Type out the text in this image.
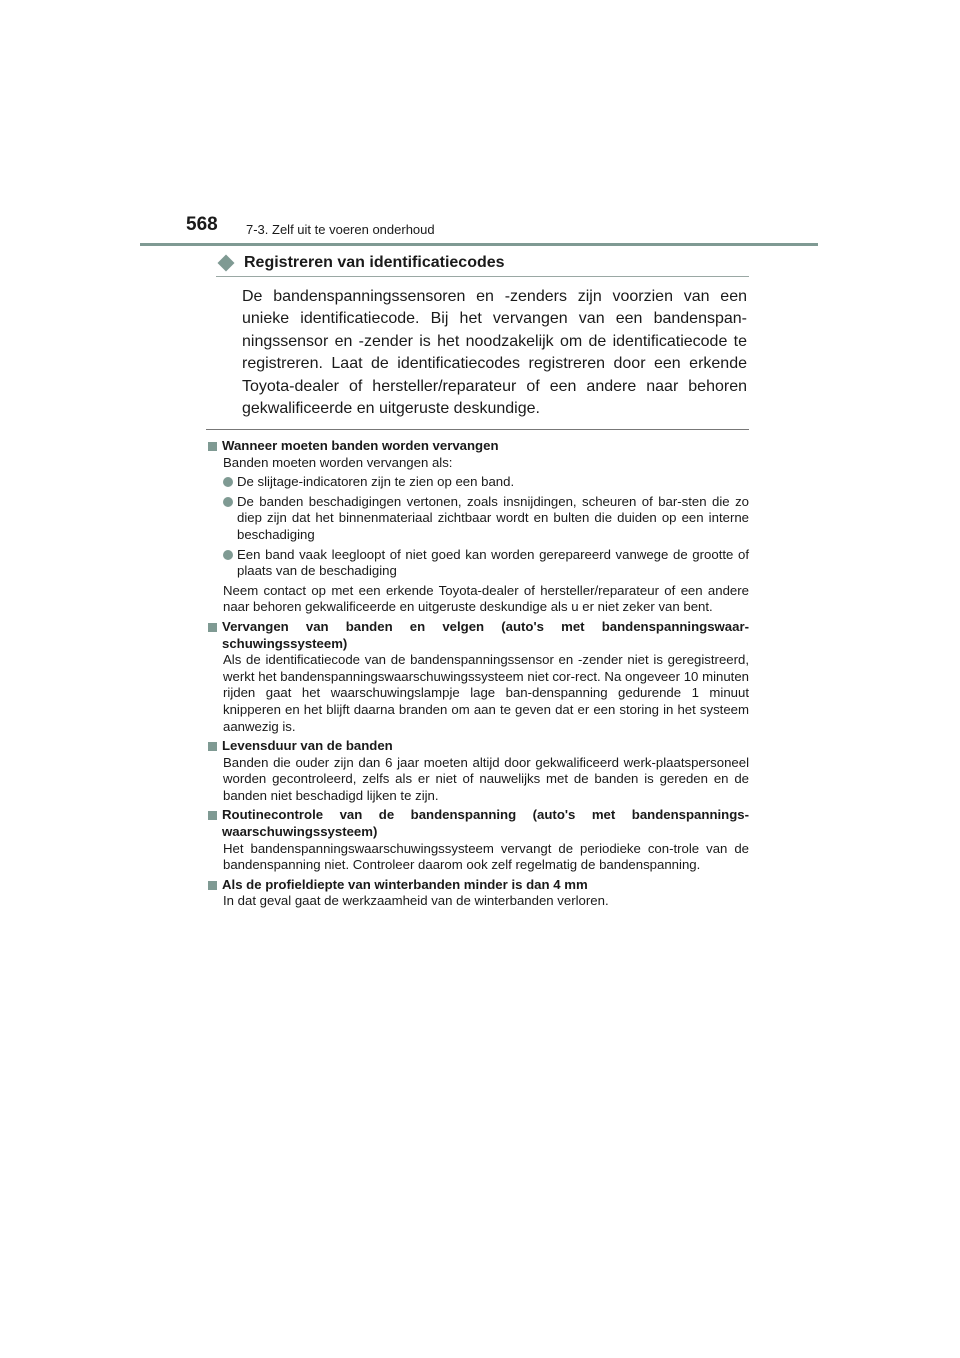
568 7-3. Zelf uit te voeren onderhoud
Registreren van identificatiecodes
De bandenspanningssensoren en -zenders zijn voorzien van een unieke identificatiecode. Bij het vervangen van een bandenspan-ningssensor en -zender is het noodzakelijk om de identificatiecode te registreren. Laat de identificatiecodes registreren door een erkende Toyota-dealer of hersteller/reparateur of een andere naar behoren gekwalificeerde en uitgeruste deskundige.
Wanneer moeten banden worden vervangen
Banden moeten worden vervangen als:
De slijtage-indicatoren zijn te zien op een band.
De banden beschadigingen vertonen, zoals insnijdingen, scheuren of bar-sten die zo diep zijn dat het binnenmateriaal zichtbaar wordt en bulten die duiden op een interne beschadiging
Een band vaak leegloopt of niet goed kan worden gerepareerd vanwege de grootte of plaats van de beschadiging
Neem contact op met een erkende Toyota-dealer of hersteller/reparateur of een andere naar behoren gekwalificeerde en uitgeruste deskundige als u er niet zeker van bent.
Vervangen van banden en velgen (auto's met bandenspanningswaar-schuwingssysteem)
Als de identificatiecode van de bandenspanningssensor en -zender niet is geregistreerd, werkt het bandenspanningswaarschuwingssysteem niet cor-rect. Na ongeveer 10 minuten rijden gaat het waarschuwingslampje lage ban-denspanning gedurende 1 minuut knipperen en het blijft daarna branden om aan te geven dat er een storing in het systeem aanwezig is.
Levensduur van de banden
Banden die ouder zijn dan 6 jaar moeten altijd door gekwalificeerd werk-plaatspersoneel worden gecontroleerd, zelfs als er niet of nauwelijks met de banden is gereden en de banden niet beschadigd lijken te zijn.
Routinecontrole van de bandenspanning (auto's met bandenspannings-waarschuwingssysteem)
Het bandenspanningswaarschuwingssysteem vervangt de periodieke con-trole van de bandenspanning niet. Controleer daarom ook zelf regelmatig de bandenspanning.
Als de profieldiepte van winterbanden minder is dan 4 mm
In dat geval gaat de werkzaamheid van de winterbanden verloren.
